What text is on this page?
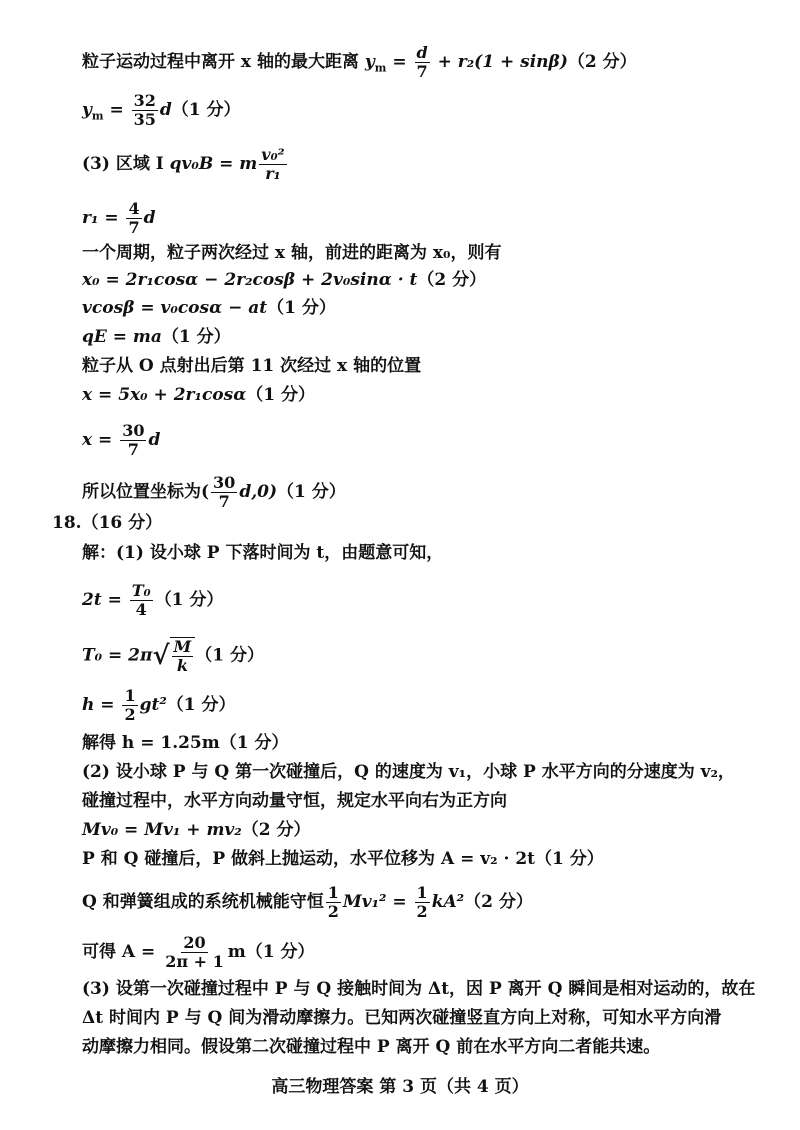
粒子运动过程中离开 x 轴的最大距离 $y_m = \frac{d}{7} + r_2(1 + \sin\beta)(2$ 分）
$y_m = \frac{32}{35} d(1$ 分）
(3) 区域 Ⅰ qv₀B = m $\frac{\text{v₀²}}{\text{r₁}}$
$r_1 = \frac{4}{7}$ d
一个周期，粒子两次经过 x 轴，前进的距离为 x₀，则有
x₀ = 2r₁cosα − 2r₂cosβ + 2v₀sinα · t（2 分）
vcosβ = v₀cosα − at（1 分）
qE = ma（1 分）
粒子从 O 点射出后第 11 次经过 x 轴的位置
x = 5x₀ + 2r₁cosα（1 分）
$x = \frac{30}{7}$ d
所以位置坐标为( $\frac{30}{7} d,0)(1$ 分）
18.（16 分）
解：(1) 设小球 P 下落时间为 t，由题意可知，
$2t = \frac{\text{T₀}}{4} (1$ 分）
T₀ = 2π √ $\frac{M}{k} (1$ 分）
$h = \frac{1}{2} gt^2(1$ 分）
解得 h = 1.25m（1 分）
(2) 设小球 P 与 Q 第一次碰撞后，Q 的速度为 v₁，小球 P 水平方向的分速度为 v₂，
碰撞过程中，水平方向动量守恒，规定水平向右为正方向
Mv₀ = Mv₁ + mv₂（2 分）
P 和 Q 碰撞后，P 做斜上抛运动，水平位移为 A = v₂ · 2t（1 分）
Q 和弹簧组成的系统机械能守恒 $\frac{1}{2} Mv_1^2 = \frac{1}{2} kA^2(2$ 分）
可得 $A = \frac{20}{2\pi + 1} m(1$ 分）
(3) 设第一次碰撞过程中 P 与 Q 接触时间为 Δt，因 P 离开 Q 瞬间是相对运动的，故在
Δt 时间内 P 与 Q 间为滑动摩擦力。已知两次碰撞竖直方向上对称，可知水平方向滑
动摩擦力相同。假设第二次碰撞过程中 P 离开 Q 前在水平方向二者能共速。
高三物理答案 第 3 页（共 4 页）
